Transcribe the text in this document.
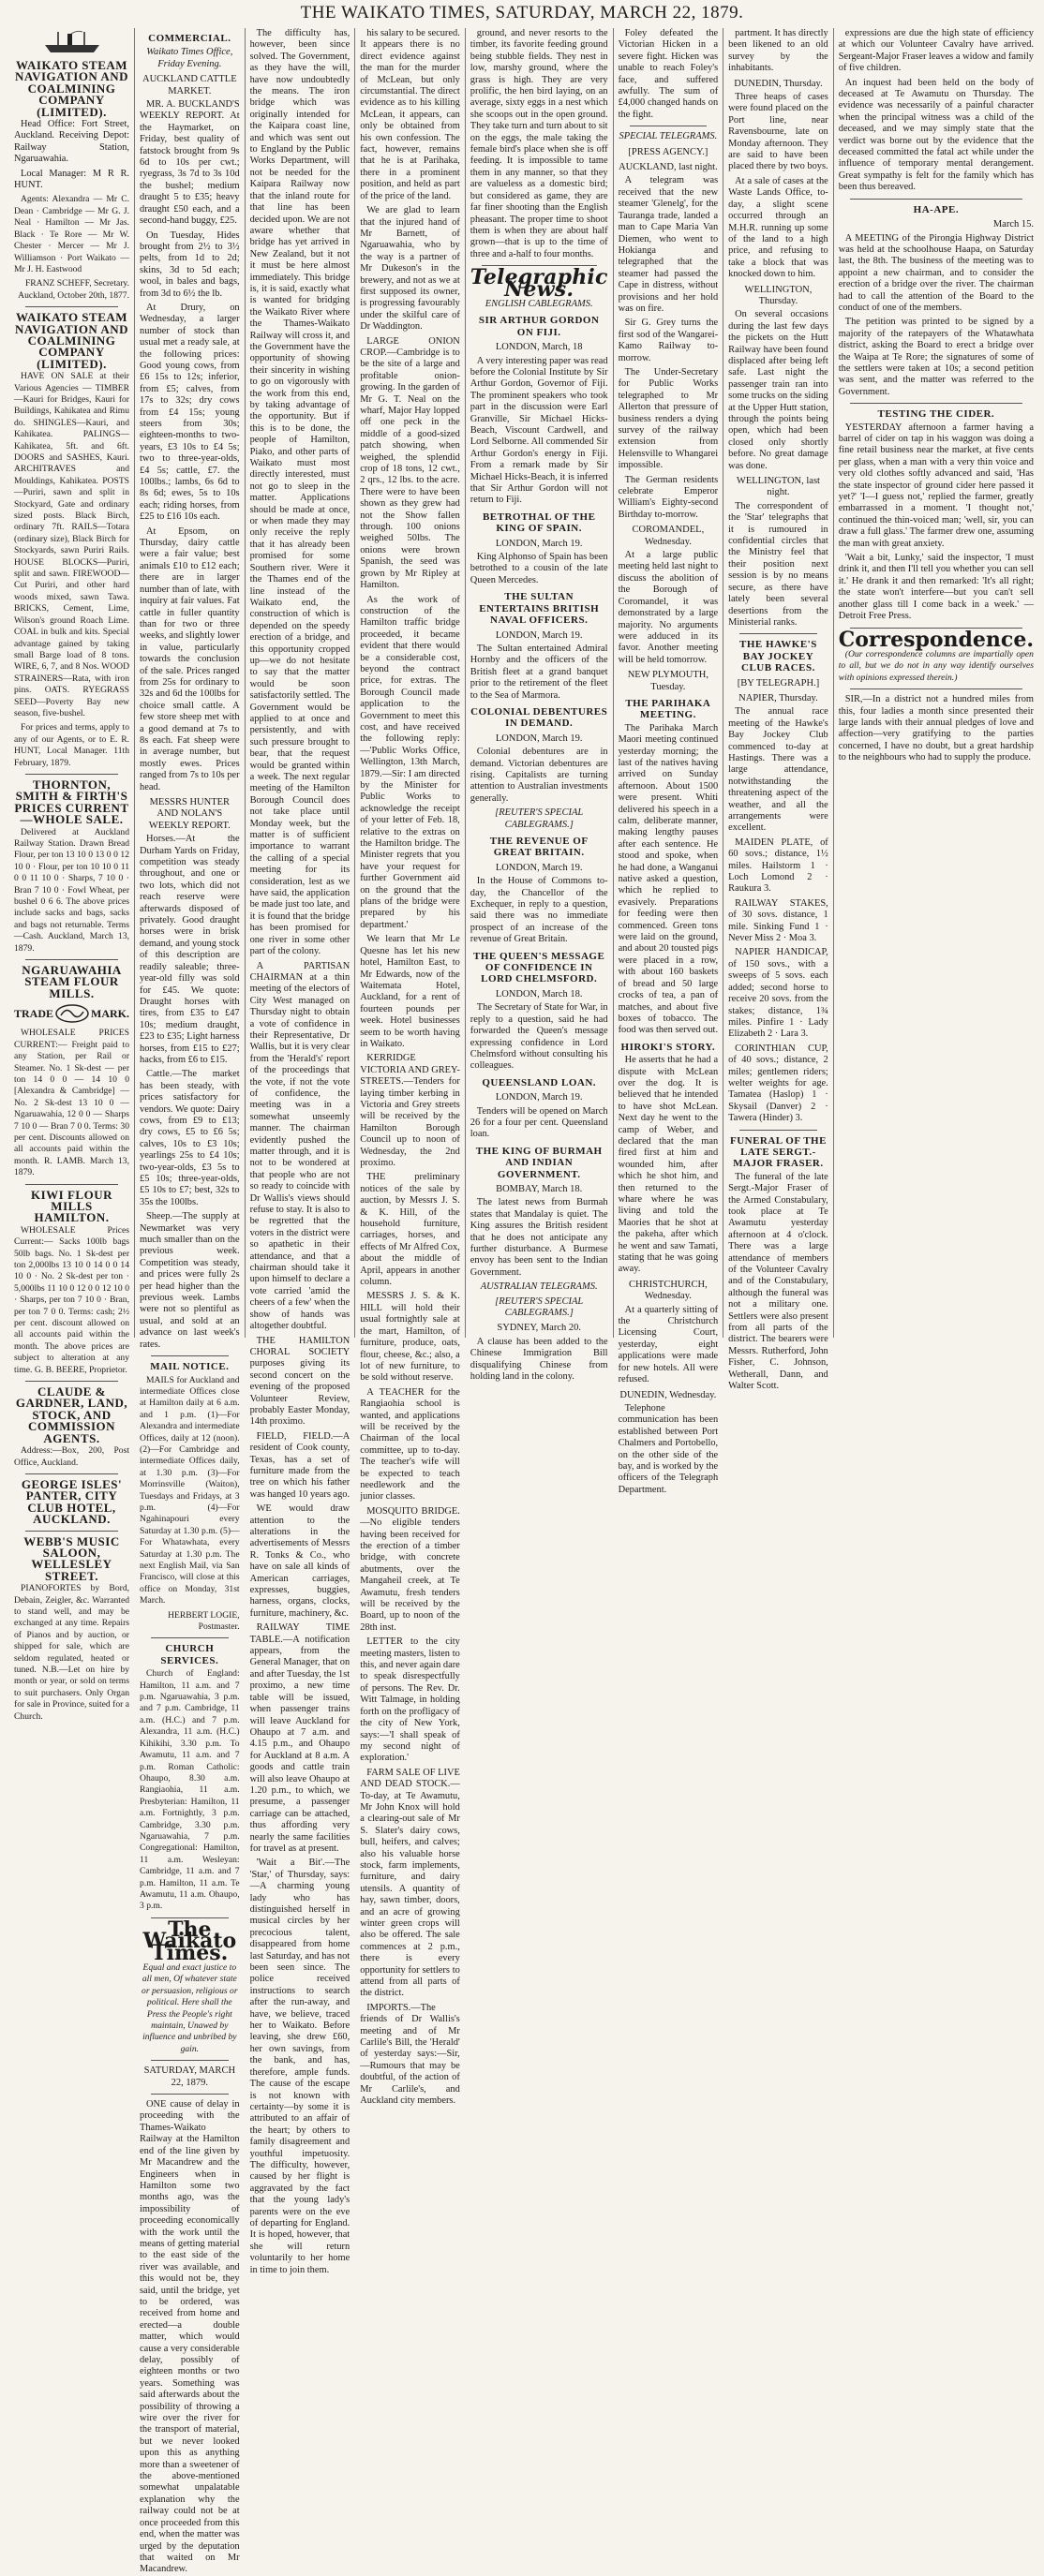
THE WAIKATO TIMES, SATURDAY, MARCH 22, 1879.
WAIKATO STEAM NAVIGATION AND COALMINING COMPANY (LIMITED).

Head Office: Fort Street, Auckland. Receiving Depot: Railway Station, Ngaruawahia.

Local Manager: M R R. HUNT.

Agents: Alexandra — Mr C. Dean · Cambridge — Mr G. J. Neal · Hamilton — Mr Jas. Black · Te Rore — Mr W. Chester · Mercer — Mr J. Williamson · Port Waikato — Mr J. H. Eastwood

FRANZ SCHEFF, Secretary. Auckland, October 20th, 1877.

WAIKATO STEAM NAVIGATION AND COALMINING COMPANY (LIMITED).

HAVE ON SALE at their Various Agencies — TIMBER—Kauri for Bridges, Kauri for Buildings, Kahikatea and Rimu do. SHINGLES—Kauri, and Kahikatea. PALINGS—Kahikatea, 5ft. and 6ft. DOORS and SASHES, Kauri. ARCHITRAVES and Mouldings, Kahikatea. POSTS—Puriri, sawn and split in Stockyard, Gate and ordinary sized posts. Black Birch, ordinary 7ft. RAILS—Totara (ordinary size), Black Birch for Stockyards, sawn Puriri Rails. HOUSE BLOCKS—Puriri, split and sawn. FIREWOOD—Cut Puriri, and other hard woods mixed, sawn Tawa. BRICKS, Cement, Lime, Wilson's ground Roach Lime. COAL in bulk and kits. Special advantage gained by taking small Barge load of 8 tons. WIRE, 6, 7, and 8 Nos. WOOD STRAINERS—Rata, with iron pins. OATS. RYEGRASS SEED—Poverty Bay new season, five-bushel.

For prices and terms, apply to any of our Agents, or to E. R. HUNT, Local Manager. 11th February, 1879.

THORNTON, SMITH & FIRTH'S PRICES CURRENT—WHOLE SALE.

Delivered at Auckland Railway Station. Drawn Bread Flour, per ton 13 10 0 13 0 0 12 10 0 · Flour, per ton 10 10 0 11 0 0 11 10 0 · Sharps, 7 10 0 · Bran 7 10 0 · Fowl Wheat, per bushel 0 6 6. The above prices include sacks and bags, sacks and bags not returnable. Terms—Cash. Auckland, March 13, 1879.

NGARUAWAHIA STEAM FLOUR MILLS.
TRADE	MARK.

WHOLESALE PRICES CURRENT:— Freight paid to any Station, per Rail or Steamer. No. 1 Sk-dest — per ton 14 0 0 — 14 10 0 [Alexandra & Cambridge] — No. 2 Sk-dest 13 10 0 — Ngaruawahia, 12 0 0 — Sharps 7 10 0 — Bran 7 0 0. Terms: 30 per cent. Discounts allowed on all accounts paid within the month. R. LAMB. March 13, 1879.

KIWI FLOUR MILLS HAMILTON.

WHOLESALE Prices Current:— Sacks 100lb bags 50lb bags. No. 1 Sk-dest per ton 2,000lbs 13 10 0 14 0 0 14 10 0 · No. 2 Sk-dest per ton · 5,000lbs 11 10 0 12 0 0 12 10 0 · Sharps, per ton 7 10 0 · Bran, per ton 7 0 0. Terms: cash; 2½ per cent. discount allowed on all accounts paid within the month. The above prices are subject to alteration at any time. G. B. BEERE, Proprietor.

CLAUDE & GARDNER, LAND, STOCK, AND COMMISSION AGENTS.

Address:—Box, 200, Post Office, Auckland.

GEORGE ISLES' PANTER, CITY CLUB HOTEL, AUCKLAND.
WEBB'S MUSIC SALOON, WELLESLEY STREET.

PIANOFORTES by Bord, Debain, Zeigler, &c. Warranted to stand well, and may be exchanged at any time. Repairs of Pianos and by auction, or shipped for sale, which are seldom regulated, heated or tuned. N.B.—Let on hire by month or year, or sold on terms to suit purchasers. Only Organ for sale in Province, suited for a Church.

COMMERCIAL.
Waikato Times Office, Friday Evening.
AUCKLAND CATTLE MARKET.

MR. A. BUCKLAND'S WEEKLY REPORT. At the Haymarket, on Friday, best quality of fatstock brought from 9s 6d to 10s per cwt.; ryegrass, 3s 7d to 3s 10d the bushel; medium draught 5 to £35; heavy draught £50 each, and a second-hand buggy, £25.

On Tuesday, Hides brought from 2½ to 3½ pelts, from 1d to 2d; skins, 3d to 5d each; wool, in bales and bags, from 3d to 6½ the lb.

At Drury, on Wednesday, a larger number of stock than usual met a ready sale, at the following prices: Good young cows, from £6 15s to 12s; inferior, from £5; calves, from 17s to 32s; dry cows from £4 15s; young steers from 30s; eighteen-months to two-years, £3 10s to £4 5s; two to three-year-olds, £4 5s; cattle, £7. the 100lbs.; lambs, 6s 6d to 8s 6d; ewes, 5s to 10s each; riding horses, from £25 to £16 10s each.

At Epsom, on Thursday, dairy cattle were a fair value; best animals £10 to £12 each; there are in larger number than of late, with inquiry at fair values. Fat cattle in fuller quantity than for two or three weeks, and slightly lower in value, particularly towards the conclusion of the sale. Prices ranged from 25s for ordinary to 32s and 6d the 100lbs for choice small cattle. A few store sheep met with a good demand at 7s to 8s each. Fat sheep were in average number, but mostly ewes. Prices ranged from 7s to 10s per head.

MESSRS HUNTER AND NOLAN'S WEEKLY REPORT.

Horses.—At the Durham Yards on Friday, competition was steady throughout, and one or two lots, which did not reach reserve were afterwards disposed of privately. Good draught horses were in brisk demand, and young stock of this description are readily saleable; three-year-old filly was sold for £45. We quote: Draught horses with tires, from £35 to £47 10s; medium draught, £23 to £35; Light harness horses, from £15 to £27; hacks, from £6 to £15.

Cattle.—The market has been steady, with prices satisfactory for vendors. We quote: Dairy cows, from £9 to £13; dry cows, £5 to £6 5s; calves, 10s to £3 10s; yearlings 25s to £4 10s; two-year-olds, £3 5s to £5 10s; three-year-olds, £5 10s to £7; best, 32s to 35s the 100lbs.

Sheep.—The supply at Newmarket was very much smaller than on the previous week. Competition was steady, and prices were fully 2s per head higher than the previous week. Lambs were not so plentiful as usual, and sold at an advance on last week's rates.

MAIL NOTICE.

MAILS for Auckland and intermediate Offices close at Hamilton daily at 6 a.m. and 1 p.m. (1)—For Alexandra and intermediate Offices, daily at 12 (noon). (2)—For Cambridge and intermediate Offices daily, at 1.30 p.m. (3)—For Morrinsville (Waiton), Tuesdays and Fridays, at 3 p.m. (4)—For Ngahinapouri every Saturday at 1.30 p.m. (5)—For Whatawhata, every Saturday at 1.30 p.m. The next English Mail, via San Francisco, will close at this office on Monday, 31st March.

HERBERT LOGIE, Postmaster.

CHURCH SERVICES.

Church of England: Hamilton, 11 a.m. and 7 p.m. Ngaruawahia, 3 p.m. and 7 p.m. Cambridge, 11 a.m. (H.C.) and 7 p.m. Alexandra, 11 a.m. (H.C.) Kihikihi, 3.30 p.m. To Awamutu, 11 a.m. and 7 p.m. Roman Catholic: Ohaupo, 8.30 a.m. Rangiaohia, 11 a.m. Presbyterian: Hamilton, 11 a.m. Fortnightly, 3 p.m. Cambridge, 3.30 p.m. Ngaruawahia, 7 p.m. Congregational: Hamilton, 11 a.m. Wesleyan: Cambridge, 11 a.m. and 7 p.m. Hamilton, 11 a.m. Te Awamutu, 11 a.m. Ohaupo, 3 p.m.

The Waikato Times.

Equal and exact justice to all men, Of whatever state or persuasion, religious or political. Here shall the Press the People's right maintain, Unawed by influence and unbribed by gain.

SATURDAY, MARCH 22, 1879.

ONE cause of delay in proceeding with the Thames-Waikato Railway at the Hamilton end of the line given by Mr Macandrew and the Engineers when in Hamilton some two months ago, was the impossibility of proceeding economically with the work until the means of getting material to the east side of the river was available, and this would not be, they said, until the bridge, yet to be ordered, was received from home and erected—a double matter, which would cause a very considerable delay, possibly of eighteen months or two years. Something was said afterwards about the possibility of throwing a wire over the river for the transport of material, but we never looked upon this as anything more than a sweetener of the above-mentioned somewhat unpalatable explanation why the railway could not be at once proceeded from this end, when the matter was urged by the deputation that waited on Mr Macandrew.

The difficulty has, however, been since solved. The Government, as they have the will, have now undoubtedly the means. The iron bridge which was originally intended for the Kaipara coast line, and which was sent out to England by the Public Works Department, will not be needed for the Kaipara Railway now that the inland route for that line has been decided upon. We are not aware whether that bridge has yet arrived in New Zealand, but it not it must be here almost immediately. This bridge is, it is said, exactly what is wanted for bridging the Waikato River where the Thames-Waikato Railway will cross it, and the Government have the opportunity of showing their sincerity in wishing to go on vigorously with the work from this end, by taking advantage of the opportunity. But if this is to be done, the people of Hamilton, Piako, and other parts of Waikato must most directly interested, must not go to sleep in the matter. Applications should be made at once, or when made they may only receive the reply that it has already been promised for some Southern river. Were it the Thames end of the line instead of the Waikato end, the construction of which is depended on the speedy erection of a bridge, and this opportunity cropped up—we do not hesitate to say that the matter would be soon satisfactorily settled. The Government would be applied to at once and persistently, and with such pressure brought to bear, that the request would be granted within a week. The next regular meeting of the Hamilton Borough Council does not take place until Monday week, but the matter is of sufficient importance to warrant the calling of a special meeting for its consideration, lest as we have said, the application be made just too late, and it is found that the bridge has been promised for one river in some other part of the colony.

A PARTISAN CHAIRMAN at a thin meeting of the electors of City West managed on Thursday night to obtain a vote of confidence in their Representative, Dr Wallis, but it is very clear from the 'Herald's' report of the proceedings that the vote, if not the vote of confidence, the meeting was in a somewhat unseemly manner. The chairman evidently pushed the matter through, and it is not to be wondered at that people who are not so ready to coincide with Dr Wallis's views should refuse to stay. It is also to be regretted that the voters in the district were so apathetic in their attendance, and that a chairman should take it upon himself to declare a vote carried 'amid the cheers of a few' when the show of hands was altogether doubtful.

THE HAMILTON CHORAL SOCIETY purposes giving its second concert on the evening of the proposed Volunteer Review, probably Easter Monday, 14th proximo.

FIELD, FIELD.—A resident of Cook county, Texas, has a set of furniture made from the tree on which his father was hanged 10 years ago.

WE would draw attention to the alterations in the advertisements of Messrs R. Tonks & Co., who have on sale all kinds of American carriages, expresses, buggies, harness, organs, clocks, furniture, machinery, &c.

RAILWAY TIME TABLE.—A notification appears, from the General Manager, that on and after Tuesday, the 1st proximo, a new time table will be issued, when passenger trains will leave Auckland for Ohaupo at 7 a.m. and 4.15 p.m., and Ohaupo for Auckland at 8 a.m. A goods and cattle train will also leave Ohaupo at 1.20 p.m., to which, we presume, a passenger carriage can be attached, thus affording very nearly the same facilities for travel as at present.

'Wait a Bit'.—The 'Star,' of Thursday, says:—A charming young lady who has distinguished herself in musical circles by her precocious talent, disappeared from home last Saturday, and has not been seen since. The police received instructions to search after the run-away, and have, we believe, traced her to Waikato. Before leaving, she drew £60, her own savings, from the bank, and has, therefore, ample funds. The cause of the escape is not known with certainty—by some it is attributed to an affair of the heart; by others to family disagreement and youthful impetuosity. The difficulty, however, caused by her flight is aggravated by the fact that the young lady's parents were on the eve of departing for England. It is hoped, however, that she will return voluntarily to her home in time to join them.

his salary to be secured. It appears there is no direct evidence against the man for the murder of McLean, but only circumstantial. The direct evidence as to his killing McLean, it appears, can only be obtained from his own confession. The fact, however, remains that he is at Parihaka, there in a prominent position, and held as part of the price of the land.

We are glad to learn that the injured hand of Mr Barnett, of Ngaruawahia, who by the way is a partner of Mr Dukeson's in the brewery, and not as we at first supposed its owner, is progressing favourably under the skilful care of Dr Waddington.

LARGE ONION CROP.—Cambridge is to be the site of a large and profitable onion-growing. In the garden of Mr G. T. Neal on the wharf, Major Hay lopped off one peck in the middle of a good-sized patch showing, when weighed, the splendid crop of 18 tons, 12 cwt., 2 qrs., 12 lbs. to the acre. There were to have been shown as they grew had not the Show fallen through. 100 onions weighed 50lbs. The onions were brown Spanish, the seed was grown by Mr Ripley at Hamilton.

As the work of construction of the Hamilton traffic bridge proceeded, it became evident that there would be a considerable cost, beyond the contract price, for extras. The Borough Council made application to the Government to meet this cost, and have received the following reply:—'Public Works Office, Wellington, 13th March, 1879.—Sir: I am directed by the Minister for Public Works to acknowledge the receipt of your letter of Feb. 18, relative to the extras on the Hamilton bridge. The Minister regrets that you have your request for further Government aid on the ground that the plans of the bridge were prepared by his department.'

We learn that Mr Le Quesne has let his new hotel, Hamilton East, to Mr Edwards, now of the Waitemata Hotel, Auckland, for a rent of fourteen pounds per week. Hotel businesses seem to be worth having in Waikato.

KERRIDGE VICTORIA AND GREY-STREETS.—Tenders for laying timber kerbing in Victoria and Grey streets will be received by the Hamilton Borough Council up to noon of Wednesday, the 2nd proximo.

THE preliminary notices of the sale by auction, by Messrs J. S. & K. Hill, of the household furniture, carriages, horses, and effects of Mr Alfred Cox, about the middle of April, appears in another column.

MESSRS J. S. & K. HILL will hold their usual fortnightly sale at the mart, Hamilton, of furniture, produce, oats, flour, cheese, &c.; also, a lot of new furniture, to be sold without reserve.

A TEACHER for the Rangiaohia school is wanted, and applications will be received by the Chairman of the local committee, up to to-day. The teacher's wife will be expected to teach needlework and the junior classes.

MOSQUITO BRIDGE.—No eligible tenders having been received for the erection of a timber bridge, with concrete abutments, over the Mangaheil creek, at Te Awamutu, fresh tenders will be received by the Board, up to noon of the 28th inst.

LETTER to the city meeting masters, listen to this, and never again dare to speak disrespectfully of persons. The Rev. Dr. Witt Talmage, in holding forth on the profligacy of the city of New York, says:—'I shall speak of my second night of exploration.'

FARM SALE OF LIVE AND DEAD STOCK.—To-day, at Te Awamutu, Mr John Knox will hold a clearing-out sale of Mr S. Slater's dairy cows, bull, heifers, and calves; also his valuable horse stock, farm implements, furniture, and dairy utensils. A quantity of hay, sawn timber, doors, and an acre of growing winter green crops will also be offered. The sale commences at 2 p.m., there is every opportunity for settlers to attend from all parts of the district.

IMPORTS.—The friends of Dr Wallis's meeting and of Mr Carlile's Bill, the 'Herald' of yesterday says:—Sir,—Rumours that may be doubtful, of the action of Mr Carlile's, and Auckland city members.

ground, and never resorts to the timber, its favorite feeding ground being stubble fields. They nest in low, marshy ground, where the grass is high. They are very prolific, the hen bird laying, on an average, sixty eggs in a nest which she scoops out in the open ground. They take turn and turn about to sit on the eggs, the male taking the female bird's place when she is off feeding. It is impossible to tame them in any manner, so that they are valueless as a domestic bird; but considered as game, they are far finer shooting than the English pheasant. The proper time to shoot them is when they are about half grown—that is up to the time of three and a-half to four months.

Telegraphic News.
ENGLISH CABLEGRAMS.
SIR ARTHUR GORDON ON FIJI.
LONDON, March, 18

A very interesting paper was read before the Colonial Institute by Sir Arthur Gordon, Governor of Fiji. The prominent speakers who took part in the discussion were Earl Granville, Sir Michael Hicks-Beach, Viscount Cardwell, and Lord Selborne. All commended Sir Arthur Gordon's energy in Fiji. From a remark made by Sir Michael Hicks-Beach, it is inferred that Sir Arthur Gordon will not return to Fiji.

BETROTHAL OF THE KING OF SPAIN.
LONDON, March 19.

King Alphonso of Spain has been betrothed to a cousin of the late Queen Mercedes.

THE SULTAN ENTERTAINS BRITISH NAVAL OFFICERS.
LONDON, March 19.

The Sultan entertained Admiral Hornby and the officers of the British fleet at a grand banquet prior to the retirement of the fleet to the Sea of Marmora.

COLONIAL DEBENTURES IN DEMAND.
LONDON, March 19.

Colonial debentures are in demand. Victorian debentures are rising. Capitalists are turning attention to Australian investments generally.

[REUTER'S SPECIAL CABLEGRAMS.]
THE REVENUE OF GREAT BRITAIN.
LONDON, March 19.

In the House of Commons to-day, the Chancellor of the Exchequer, in reply to a question, said there was no immediate prospect of an increase of the revenue of Great Britain.

THE QUEEN'S MESSAGE OF CONFIDENCE IN LORD CHELMSFORD.
LONDON, March 18.

The Secretary of State for War, in reply to a question, said he had forwarded the Queen's message expressing confidence in Lord Chelmsford without consulting his colleagues.

QUEENSLAND LOAN.
LONDON, March 19.

Tenders will be opened on March 26 for a four per cent. Queensland loan.

THE KING OF BURMAH AND INDIAN GOVERNMENT.
BOMBAY, March 18.

The latest news from Burmah states that Mandalay is quiet. The King assures the British resident that he does not anticipate any further disturbance. A Burmese envoy has been sent to the Indian Government.

AUSTRALIAN TELEGRAMS.
[REUTER'S SPECIAL CABLEGRAMS.]
SYDNEY, March 20.

A clause has been added to the Chinese Immigration Bill disqualifying Chinese from holding land in the colony.

Foley defeated the Victorian Hicken in a severe fight. Hicken was unable to reach Foley's face, and suffered awfully. The sum of £4,000 changed hands on the fight.

SPECIAL TELEGRAMS.
[PRESS AGENCY.]
AUCKLAND, last night.

A telegram was received that the new steamer 'Glenelg', for the Tauranga trade, landed a man to Cape Maria Van Diemen, who went to Hokianga and telegraphed that the steamer had passed the Cape in distress, without provisions and her hold was on fire.

Sir G. Grey turns the first sod of the Wangarei-Kamo Railway to-morrow.

The Under-Secretary for Public Works telegraphed to Mr Allerton that pressure of business renders a dying survey of the railway extension from Helensville to Whangarei impossible.

The German residents celebrate Emperor William's Eighty-second Birthday to-morrow.

COROMANDEL, Wednesday.

At a large public meeting held last night to discuss the abolition of the Borough of Coromandel, it was demonstrated by a large majority. No arguments were adduced in its favor. Another meeting will be held tomorrow.

NEW PLYMOUTH, Tuesday.
THE PARIHAKA MEETING.

The Parihaka March Maori meeting continued yesterday morning; the last of the natives having arrived on Sunday afternoon. About 1500 were present. Whiti delivered his speech in a calm, deliberate manner, making lengthy pauses after each sentence. He stood and spoke, when he had done, a Wanganui native asked a question, which he replied to evasively. Preparations for feeding were then commenced. Green tons were laid on the ground, and about 20 tousted pigs were placed in a row, with about 160 baskets of bread and 50 large crocks of tea, a pan of matches, and about five boxes of tobacco. The food was then served out.

HIROKI'S STORY.

He asserts that he had a dispute with McLean over the dog. It is believed that he intended to have shot McLean. Next day he went to the camp of Weber, and declared that the man fired first at him and wounded him, after which he shot him, and then returned to the whare where he was living and told the Maories that he shot at the pakeha, after which he went and saw Tamati, stating that he was going away.

CHRISTCHURCH, Wednesday.

At a quarterly sitting of the Christchurch Licensing Court, yesterday, eight applications were made for new hotels. All were refused.

DUNEDIN, Wednesday.

Telephone communication has been established between Port Chalmers and Portobello, on the other side of the bay, and is worked by the officers of the Telegraph Department.

partment. It has directly been likened to an old survey by the inhabitants.

DUNEDIN, Thursday.

Three heaps of cases were found placed on the Port line, near Ravensbourne, late on Monday afternoon. They are said to have been placed there by two boys.

At a sale of cases at the Waste Lands Office, to-day, a slight scene occurred through an M.H.R. running up some of the land to a high price, and refusing to take a block that was knocked down to him.

WELLINGTON, Thursday.

On several occasions during the last few days the pickets on the Hutt Railway have been found displaced after being left safe. Last night the passenger train ran into some trucks on the siding at the Upper Hutt station, through the points being open, which had been closed only shortly before. No great damage was done.

WELLINGTON, last night.

The correspondent of the 'Star' telegraphs that it is rumoured in confidential circles that the Ministry feel that their position next session is by no means secure, as there have lately been several desertions from the Ministerial ranks.

THE HAWKE'S BAY JOCKEY CLUB RACES.
[BY TELEGRAPH.]
NAPIER, Thursday.

The annual race meeting of the Hawke's Bay Jockey Club commenced to-day at Hastings. There was a large attendance, notwithstanding the threatening aspect of the weather, and all the arrangements were excellent.

MAIDEN PLATE, of 60 sovs.; distance, 1½ miles. Hailstorm 1 · Loch Lomond 2 · Raukura 3.

RAILWAY STAKES, of 30 sovs. distance, 1 mile. Sinking Fund 1 · Never Miss 2 · Moa 3.

NAPIER HANDICAP, of 150 sovs., with a sweeps of 5 sovs. each added; second horse to receive 20 sovs. from the stakes; distance, 1¾ miles. Pinfire 1 · Lady Elizabeth 2 · Lara 3.

CORINTHIAN CUP, of 40 sovs.; distance, 2 miles; gentlemen riders; welter weights for age. Tamatea (Haslop) 1 · Skysail (Danver) 2 · Tawera (Hinder) 3.

FUNERAL OF THE LATE SERGT.-MAJOR FRASER.

The funeral of the late Sergt.-Major Fraser of the Armed Constabulary, took place at Te Awamutu yesterday afternoon at 4 o'clock. There was a large attendance of members of the Volunteer Cavalry and of the Constabulary, although the funeral was not a military one. Settlers were also present from all parts of the district. The bearers were Messrs. Rutherford, John Fisher, C. Johnson, Wetherall, Dann, and Walter Scott.

expressions are due the high state of efficiency at which our Volunteer Cavalry have arrived. Sergeant-Major Fraser leaves a widow and family of five children.

An inquest had been held on the body of deceased at Te Awamutu on Thursday. The evidence was necessarily of a painful character when the principal witness was a child of the deceased, and we may simply state that the verdict was borne out by the evidence that the deceased committed the fatal act while under the influence of temporary mental derangement. Great sympathy is felt for the family which has been thus bereaved.

HA-APE.
March 15.

A MEETING of the Pirongia Highway District was held at the schoolhouse Haapa, on Saturday last, the 8th. The business of the meeting was to appoint a new chairman, and to consider the erection of a bridge over the river. The chairman had to call the attention of the Board to the conduct of one of the members.

The petition was printed to be signed by a majority of the ratepayers of the Whatawhata district, asking the Board to erect a bridge over the Waipa at Te Rore; the signatures of some of the settlers were taken at 10s; a second petition was sent, and the matter was referred to the Government.

TESTING THE CIDER.

YESTERDAY afternoon a farmer having a barrel of cider on tap in his waggon was doing a fine retail business near the market, at five cents per glass, when a man with a very thin voice and very old clothes softly advanced and said, 'Has the state inspector of ground cider here passed it yet?' 'I—I guess not,' replied the farmer, greatly embarrassed in a moment. 'I thought not,' continued the thin-voiced man; 'well, sir, you can draw a full glass.' The farmer drew one, assuming the man with great anxiety.

'Wait a bit, Lunky,' said the inspector, 'I must drink it, and then I'll tell you whether you can sell it.' He drank it and then remarked: 'It's all right; the state won't interfere—but you can't sell another glass till I come back in a week.' — Detroit Free Press.

Correspondence.

(Our correspondence columns are impartially open to all, but we do not in any way identify ourselves with opinions expressed therein.)

SIR,—In a district not a hundred miles from this, four ladies a month since presented their large lands with their annual pledges of love and affection—very gratifying to the parties concerned, I have no doubt, but a great hardship to the neighbours who had to supply the produce.
